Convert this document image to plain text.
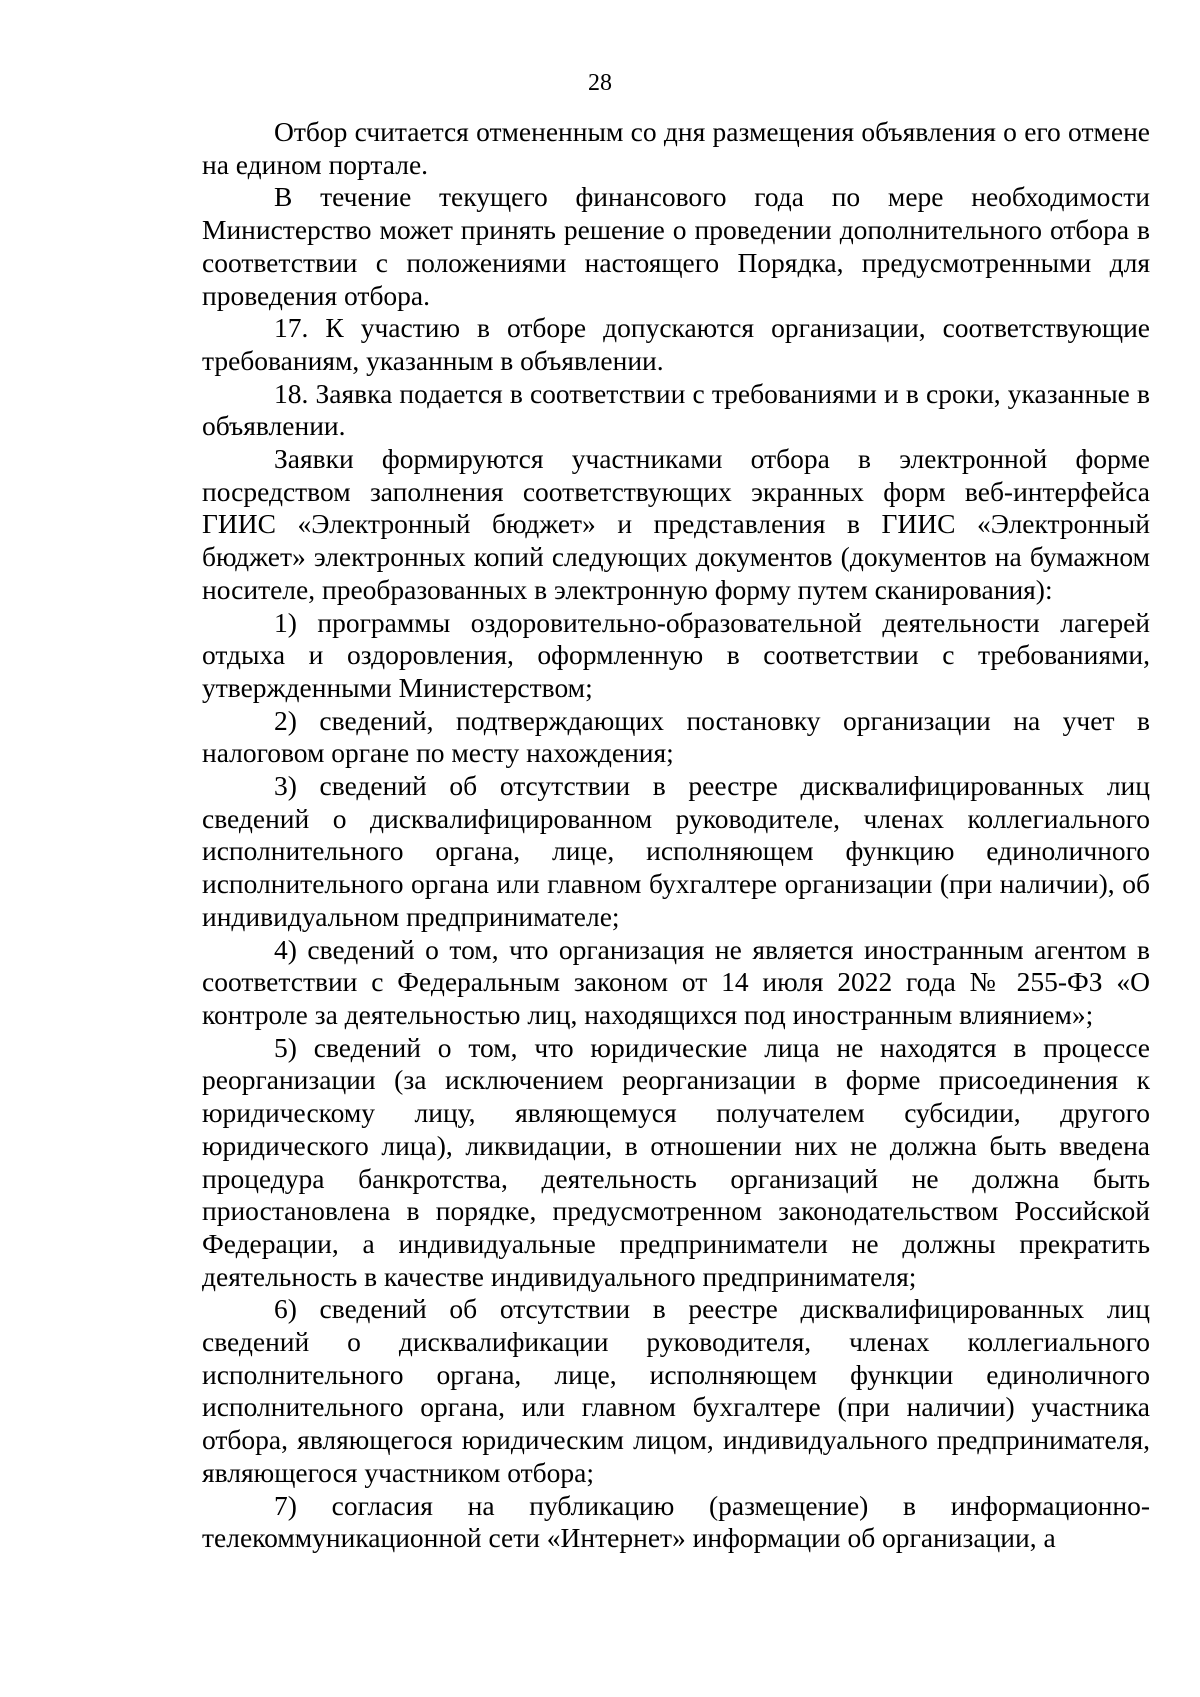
28

Отбор считается отмененным со дня размещения объявления о его отмене на едином портале.

В течение текущего финансового года по мере необходимости Министерство может принять решение о проведении дополнительного отбора в соответствии с положениями настоящего Порядка, предусмотренными для проведения отбора.

17. К участию в отборе допускаются организации, соответствующие требованиям, указанным в объявлении.

18. Заявка подается в соответствии с требованиями и в сроки, указанные в объявлении.

Заявки формируются участниками отбора в электронной форме посредством заполнения соответствующих экранных форм веб-интерфейса ГИИС «Электронный бюджет» и представления в ГИИС «Электронный бюджет» электронных копий следующих документов (документов на бумажном носителе, преобразованных в электронную форму путем сканирования):

1) программы оздоровительно-образовательной деятельности лагерей отдыха и оздоровления, оформленную в соответствии с требованиями, утвержденными Министерством;

2) сведений, подтверждающих постановку организации на учет в налоговом органе по месту нахождения;

3) сведений об отсутствии в реестре дисквалифицированных лиц сведений о дисквалифицированном руководителе, членах коллегиального исполнительного органа, лице, исполняющем функцию единоличного исполнительного органа или главном бухгалтере организации (при наличии), об индивидуальном предпринимателе;

4) сведений о том, что организация не является иностранным агентом в соответствии с Федеральным законом от 14 июля 2022 года № 255-ФЗ «О контроле за деятельностью лиц, находящихся под иностранным влиянием»;

5) сведений о том, что юридические лица не находятся в процессе реорганизации (за исключением реорганизации в форме присоединения к юридическому лицу, являющемуся получателем субсидии, другого юридического лица), ликвидации, в отношении них не должна быть введена процедура банкротства, деятельность организаций не должна быть приостановлена в порядке, предусмотренном законодательством Российской Федерации, а индивидуальные предприниматели не должны прекратить деятельность в качестве индивидуального предпринимателя;

6) сведений об отсутствии в реестре дисквалифицированных лиц сведений о дисквалификации руководителя, членах коллегиального исполнительного органа, лице, исполняющем функции единоличного исполнительного органа, или главном бухгалтере (при наличии) участника отбора, являющегося юридическим лицом, индивидуального предпринимателя, являющегося участником отбора;

7) согласия на публикацию (размещение) в информационно-телекоммуникационной сети «Интернет» информации об организации, а
